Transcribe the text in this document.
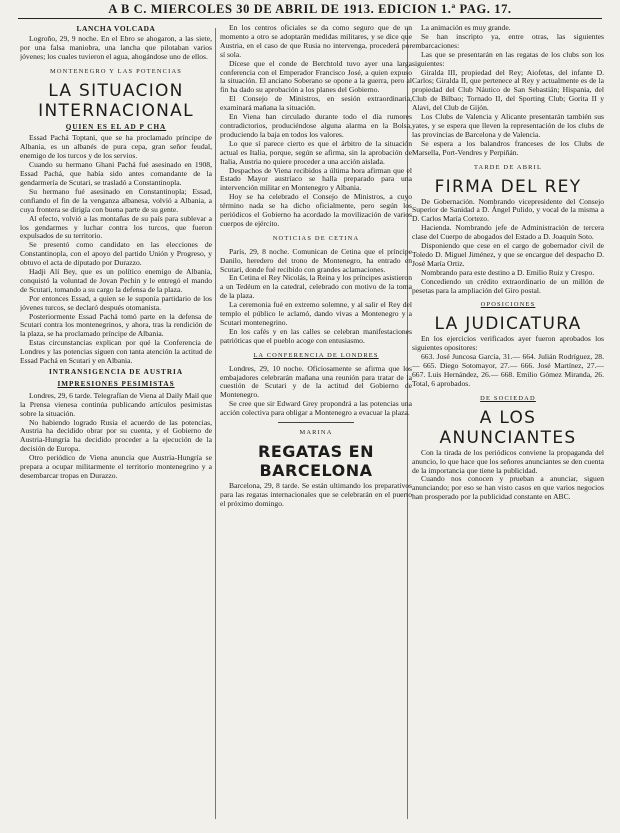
A B C. MIERCOLES 30 DE ABRIL DE 1913. EDICION 1.ª PAG. 17.
LANCHA VOLCADA

Logroño, 29, 9 noche. En el Ebro se ahogaron, a las siete, por una falsa maniobra, una lancha que pilotaban varios jóvenes; los cuales tuvieron el agua, ahogándose uno de ellos.

MONTENEGRO Y LAS POTENCIAS
LA SITUACION INTERNACIONAL
QUIEN ES EL AD P CHA

Essad Pachá Toptani, que se ha proclamado príncipe de Albania, es un albanés de pura cepa, gran señor feudal, enemigo de los turcos y de los servios.

Cuando su hermano Ghani Pachá fué asesinado en 1908, Essad Pachá, que había sido antes comandante de la gendarmería de Scutari, se trasladó a Constantinopla.

Su hermano fué asesinado en Constantinopla; Essad, confiando el fin de la venganza albanesa, volvió a Albania, a cuya frontera se dirigía con buena parte de su gente.

Al efecto, volvió a las montañas de su país para sublevar a los gendarmes y luchar contra los turcos, que fueron expulsados de su territorio.

Se presentó como candidato en las elecciones de Constantinopla, con el apoyo del partido Unión y Progreso, y obtuvo el acta de diputado por Durazzo.

Hadji Alí Bey, que es un político enemigo de Albania, conquistó la voluntad de Jovan Pechin y le entregó el mando de Scutari, tomando a su cargo la defensa de la plaza.

Por entonces Essad, a quien se le suponía partidario de los jóvenes turcos, se declaró después otomanista.

Posteriormente Essad Pachá tomó parte en la defensa de Scutari contra los montenegrinos, y ahora, tras la rendición de la plaza, se ha proclamado príncipe de Albania.

Estas circunstancias explican por qué la Conferencia de Londres y las potencias siguen con tanta atención la actitud de Essad Pachá en Scutari y en Albania.

INTRANSIGENCIA DE AUSTRIA
IMPRESIONES PESIMISTAS

Londres, 29, 6 tarde. Telegrafían de Viena al Daily Mail que la Prensa vienesa continúa publicando artículos pesimistas sobre la situación.

No habiendo logrado Rusia el acuerdo de las potencias, Austria ha decidido obrar por su cuenta, y el Gobierno de Austria-Hungría ha decidido proceder a la ejecución de la decisión de Europa.

Otro periódico de Viena anuncia que Austria-Hungría se prepara a ocupar militarmente el territorio montenegrino y a desembarcar tropas en Durazzo.

En los centros oficiales se da como seguro que de un momento a otro se adoptarán medidas militares, y se dice que Austria, en el caso de que Rusia no intervenga, procederá por sí sola.

Dícese que el conde de Berchtold tuvo ayer una larga conferencia con el Emperador Francisco José, a quien expuso la situación. El anciano Soberano se opone a la guerra, pero al fin ha dado su aprobación a los planes del Gobierno.

El Consejo de Ministros, en sesión extraordinaria, examinará mañana la situación.

En Viena han circulado durante todo el día rumores contradictorios, produciéndose alguna alarma en la Bolsa, produciendo la baja en todos los valores.

Lo que sí parece cierto es que el árbitro de la situación actual es Italia, porque, según se afirma, sin la aprobación de Italia, Austria no quiere proceder a una acción aislada.

Despachos de Viena recibidos a última hora afirman que el Estado Mayor austríaco se halla preparado para una intervención militar en Montenegro y Albania.

Hoy se ha celebrado el Consejo de Ministros, a cuyo término nada se ha dicho oficialmente, pero según los periódicos el Gobierno ha acordado la movilización de varios cuerpos de ejército.

NOTICIAS DE CETINA

París, 29, 8 noche. Comunican de Cetina que el príncipe Danilo, heredero del trono de Montenegro, ha entrado en Scutari, donde fué recibido con grandes aclamaciones.

En Cetina el Rey Nicolás, la Reina y los príncipes asistieron a un Tedéum en la catedral, celebrado con motivo de la toma de la plaza.

La ceremonia fué en extremo solemne, y al salir el Rey del templo el público le aclamó, dando vivas a Montenegro y a Scutari montenegrino.

En los cafés y en las calles se celebran manifestaciones patrióticas que el pueblo acoge con entusiasmo.

LA CONFERENCIA DE LONDRES

Londres, 29, 10 noche. Oficiosamente se afirma que los embajadores celebrarán mañana una reunión para tratar de la cuestión de Scutari y de la actitud del Gobierno de Montenegro.

Se cree que sir Edward Grey propondrá a las potencias una acción colectiva para obligar a Montenegro a evacuar la plaza.

MARINA
REGATAS EN BARCELONA

Barcelona, 29, 8 tarde. Se están ultimando los preparativos para las regatas internacionales que se celebrarán en el puerto el próximo domingo.

La animación es muy grande.

Se han inscripto ya, entre otras, las siguientes embarcaciones:

Las que se presentarán en las regatas de los clubs son los siguientes:

Giralda III, propiedad del Rey; Aiofetas, del infante D. Carlos; Giralda II, que pertenece al Rey y actualmente es de la propiedad del Club Náutico de San Sebastián; Hispania, del Club de Bilbao; Tornado II, del Sporting Club; Gorita II y Alavi, del Club de Gijón.

Los Clubs de Valencia y Alicante presentarán también sus yates, y se espera que lleven la representación de los clubs de las provincias de Barcelona y de Valencia.

Se espera a los balandros franceses de los Clubs de Marsella, Port-Vendres y Perpiñán.

TARDE DE ABRIL
FIRMA DEL REY

De Gobernación. Nombrando vicepresidente del Consejo Superior de Sanidad a D. Ángel Pulido, y vocal de la misma a D. Carlos María Cortezo.

Hacienda. Nombrando jefe de Administración de tercera clase del Cuerpo de abogados del Estado a D. Joaquín Soto.

Disponiendo que cese en el cargo de gobernador civil de Toledo D. Miguel Jiménez, y que se encargue del despacho D. José María Ortiz.

Nombrando para este destino a D. Emilio Ruiz y Crespo.

Concediendo un crédito extraordinario de un millón de pesetas para la ampliación del Giro postal.

OPOSICIONES
LA JUDICATURA

En los ejercicios verificados ayer fueron aprobados los siguientes opositores:

663. José Juncosa García, 31.— 664. Julián Rodríguez, 28.— 665. Diego Sotomayor, 27.— 666. José Martínez, 27.— 667. Luis Hernández, 26.— 668. Emilio Gómez Miranda, 26. Total, 6 aprobados.

DE SOCIEDAD
A LOS ANUNCIANTES

Con la tirada de los periódicos conviene la propaganda del anuncio, lo que hace que los señores anunciantes se den cuenta de la importancia que tiene la publicidad.

Cuando nos conocen y prueban a anunciar, siguen anunciando; por eso se han visto casos en que varios negocios han prosperado por la publicidad constante en ABC.
